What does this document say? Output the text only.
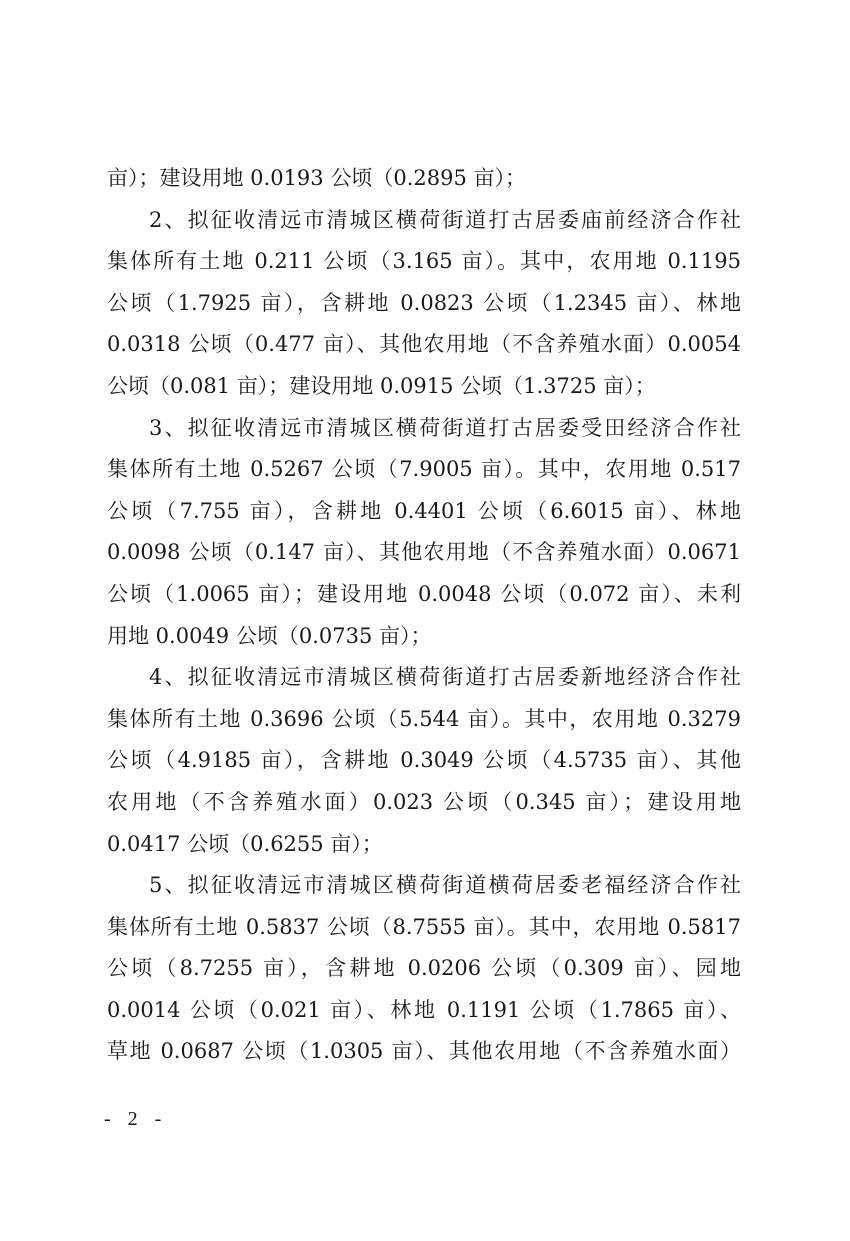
亩）；建设用地 0.0193 公顷（0.2895 亩）；
2、拟征收清远市清城区横荷街道打古居委庙前经济合作社
集体所有土地 0.211 公顷（3.165 亩）。其中，农用地 0.1195
公顷（1.7925 亩），含耕地 0.0823 公顷（1.2345 亩）、林地
0.0318 公顷（0.477 亩）、其他农用地（不含养殖水面）0.0054
公顷（0.081 亩）；建设用地 0.0915 公顷（1.3725 亩）；
3、拟征收清远市清城区横荷街道打古居委受田经济合作社
集体所有土地 0.5267 公顷（7.9005 亩）。其中，农用地 0.517
公顷（7.755 亩），含耕地 0.4401 公顷（6.6015 亩）、林地
0.0098 公顷（0.147 亩）、其他农用地（不含养殖水面）0.0671
公顷（1.0065 亩）；建设用地 0.0048 公顷（0.072 亩）、未利
用地 0.0049 公顷（0.0735 亩）；
4、拟征收清远市清城区横荷街道打古居委新地经济合作社
集体所有土地 0.3696 公顷（5.544 亩）。其中，农用地 0.3279
公顷（4.9185 亩），含耕地 0.3049 公顷（4.5735 亩）、其他
农用地（不含养殖水面）0.023 公顷（0.345 亩）；建设用地
0.0417 公顷（0.6255 亩）；
5、拟征收清远市清城区横荷街道横荷居委老福经济合作社
集体所有土地 0.5837 公顷（8.7555 亩）。其中，农用地 0.5817
公顷（8.7255 亩），含耕地 0.0206 公顷（0.309 亩）、园地
0.0014 公顷（0.021 亩）、林地 0.1191 公顷（1.7865 亩）、
草地 0.0687 公顷（1.0305 亩）、其他农用地（不含养殖水面）
- 2 -
